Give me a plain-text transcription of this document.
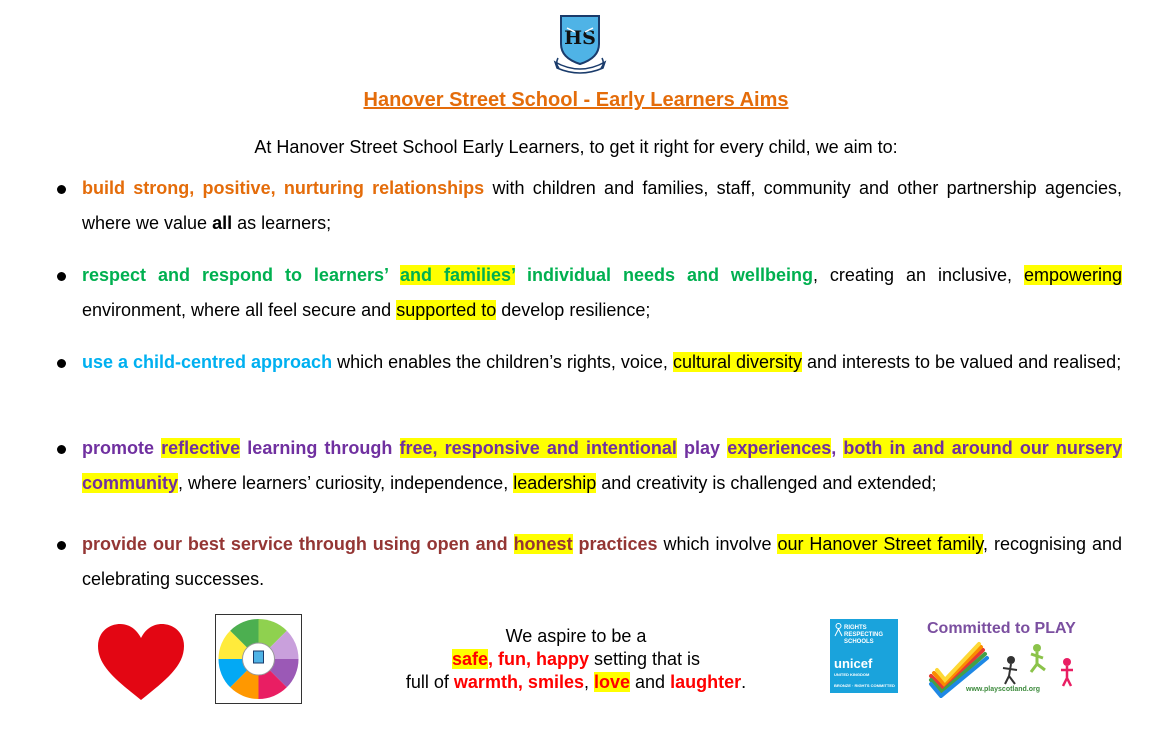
HS
Hanover Street School - Early Learners Aims
At Hanover Street School Early Learners, to get it right for every child, we aim to:
build strong, positive, nurturing relationships with children and families, staff, community and other partnership agencies, where we value all as learners;
respect and respond to learners’ and families’ individual needs and wellbeing, creating an inclusive, empowering environment, where all feel secure and supported to develop resilience;
use a child-centred approach which enables the children’s rights, voice, cultural diversity and interests to be valued and realised;
promote reflective learning through free, responsive and intentional play experiences, both in and around our nursery community, where learners’ curiosity, independence, leadership and creativity is challenged and extended;
provide our best service through using open and honest practices which involve our Hanover Street family, recognising and celebrating successes.
We aspire to be a
safe, fun, happy setting that is
full of warmth, smiles, love and laughter.
RIGHTS RESPECTING SCHOOLS
unicef
UNITED KINGDOM
BRONZE · RIGHTS COMMITTED
Committed to PLAY
www.playscotland.org
